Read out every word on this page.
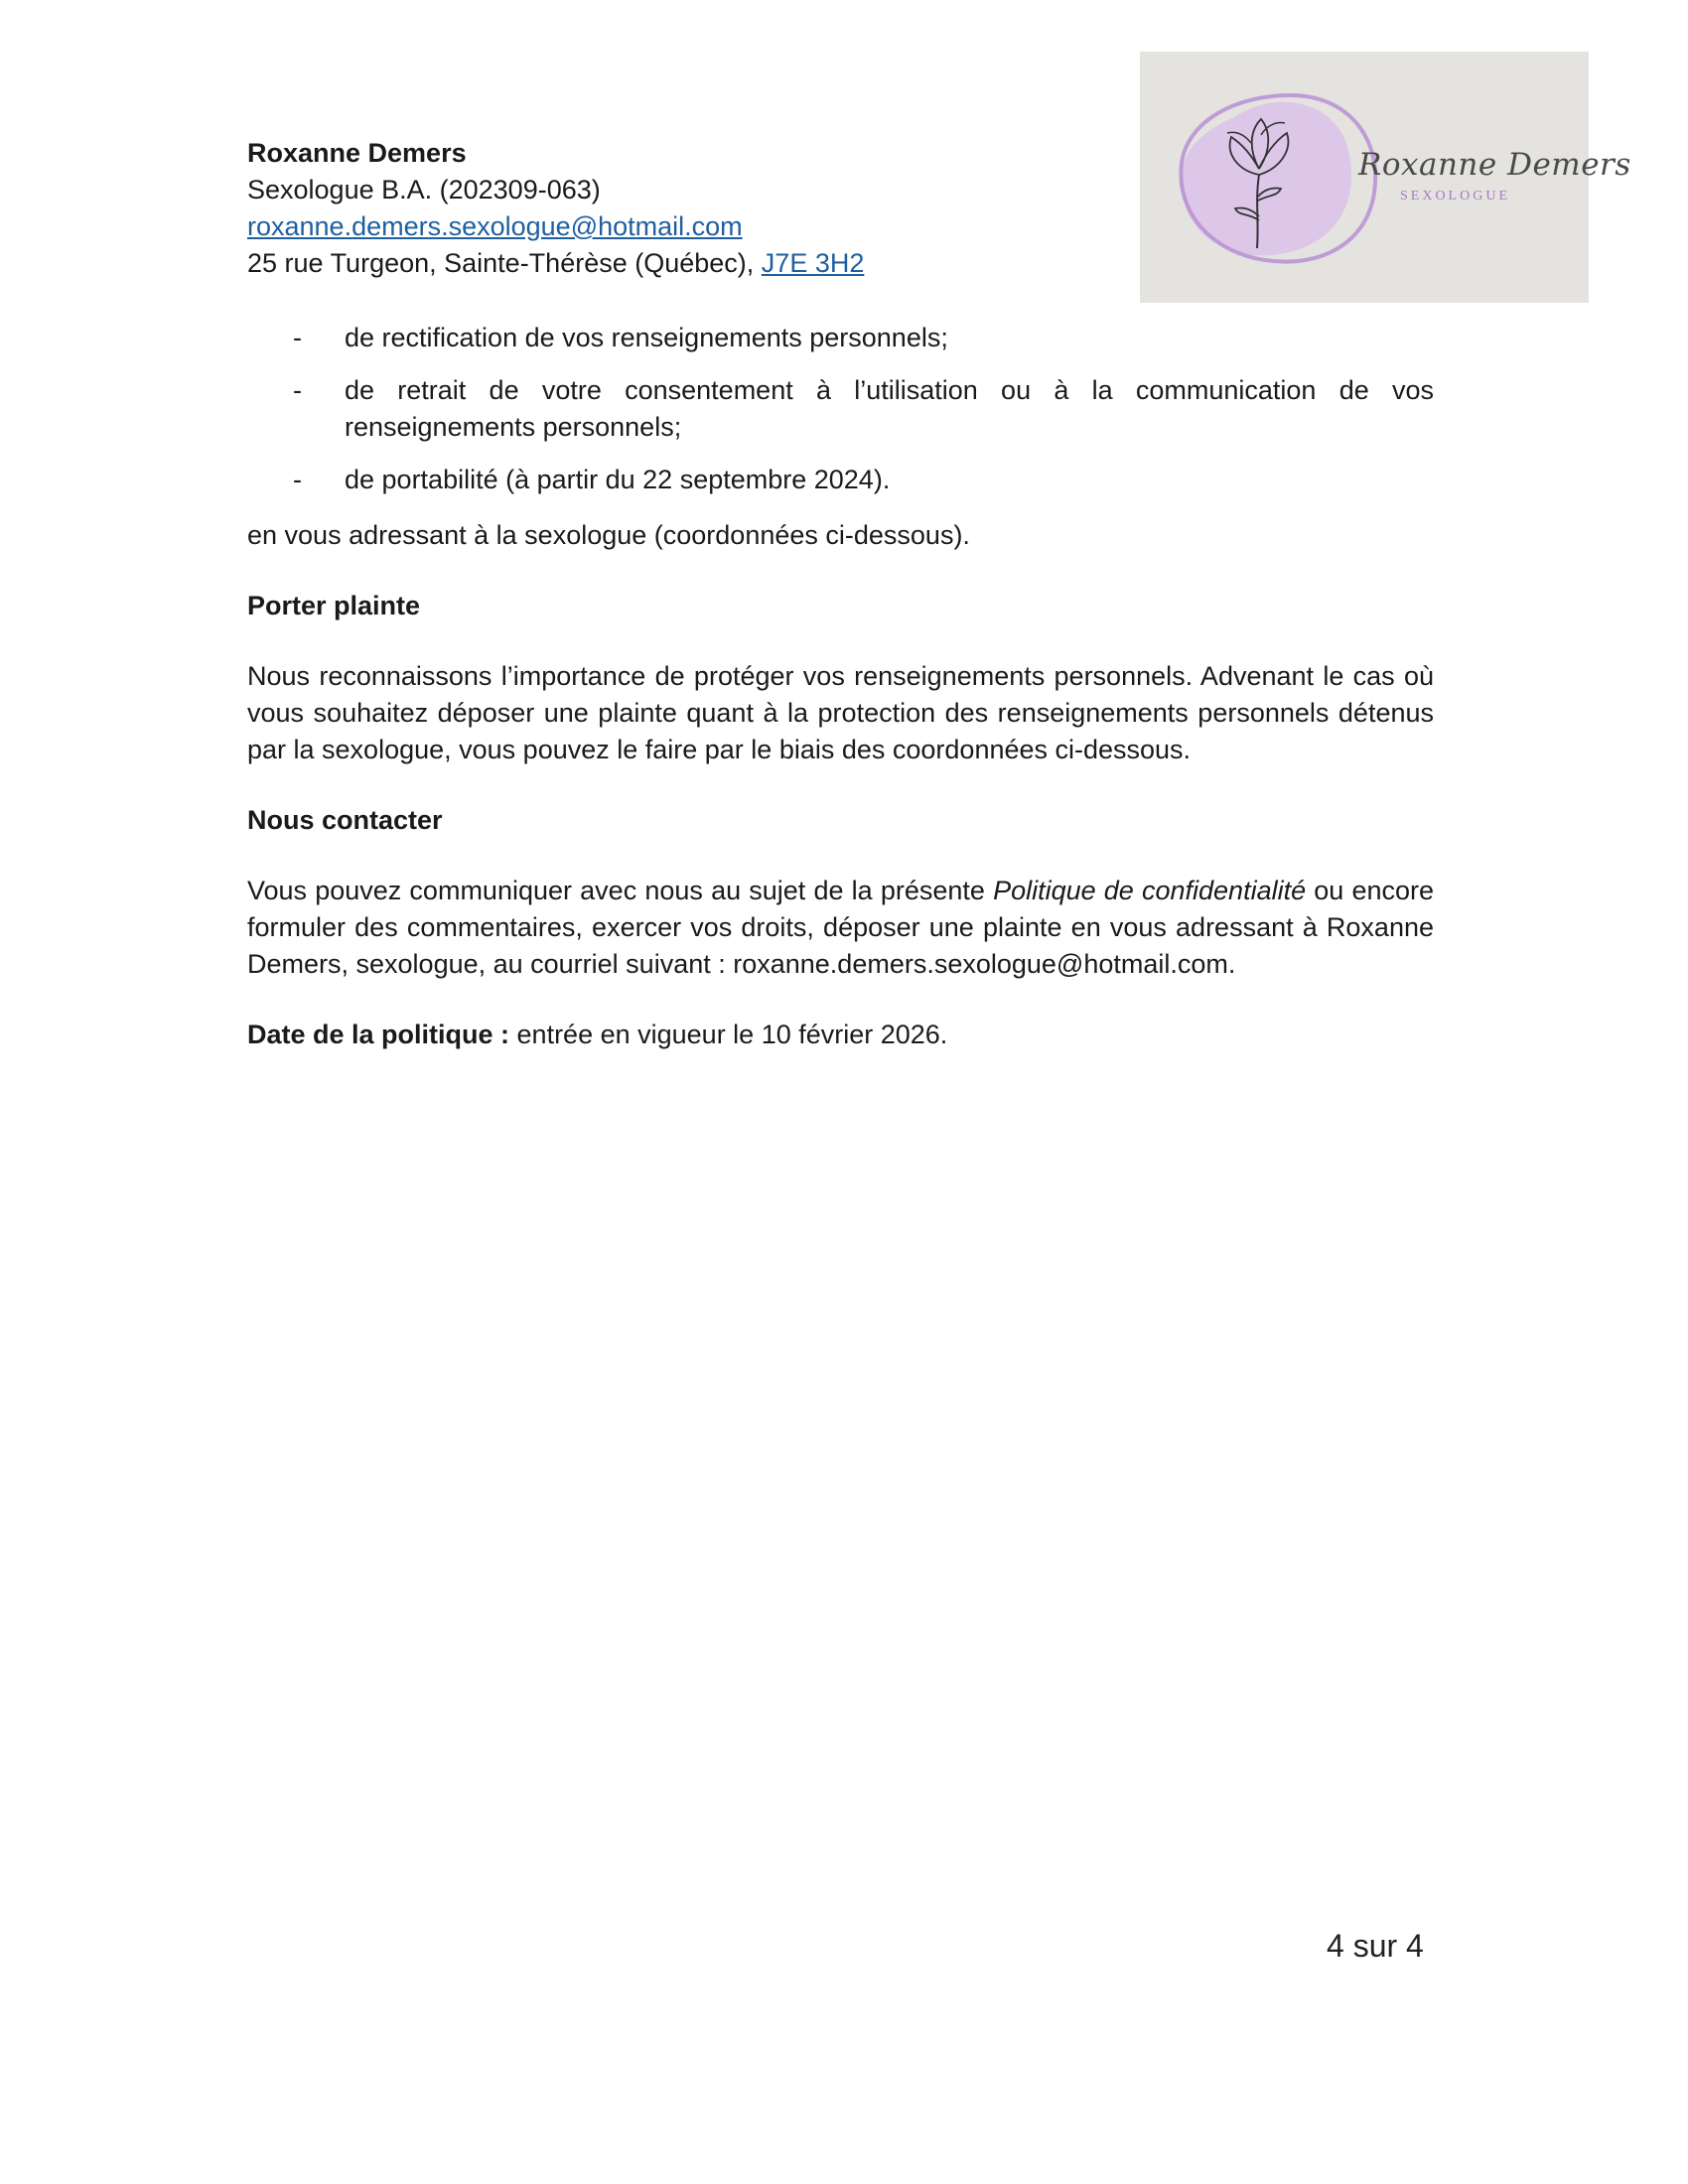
Roxanne Demers
Sexologue B.A. (202309-063)
roxanne.demers.sexologue@hotmail.com
25 rue Turgeon, Sainte-Thérèse (Québec), J7E 3H2
Roxanne Demers
SEXOLOGUE
- de rectification de vos renseignements personnels;
- de retrait de votre consentement à l’utilisation ou à la communication de vos renseignements personnels;
- de portabilité (à partir du 22 septembre 2024).

en vous adressant à la sexologue (coordonnées ci-dessous).

Porter plainte

Nous reconnaissons l’importance de protéger vos renseignements personnels. Advenant le cas où vous souhaitez déposer une plainte quant à la protection des renseignements personnels détenus par la sexologue, vous pouvez le faire par le biais des coordonnées ci-dessous.

Nous contacter

Vous pouvez communiquer avec nous au sujet de la présente Politique de confidentialité ou encore formuler des commentaires, exercer vos droits, déposer une plainte en vous adressant à Roxanne Demers, sexologue, au courriel suivant : roxanne.demers.sexologue@hotmail.com.

Date de la politique : entrée en vigueur le 10 février 2026.

4 sur 4
